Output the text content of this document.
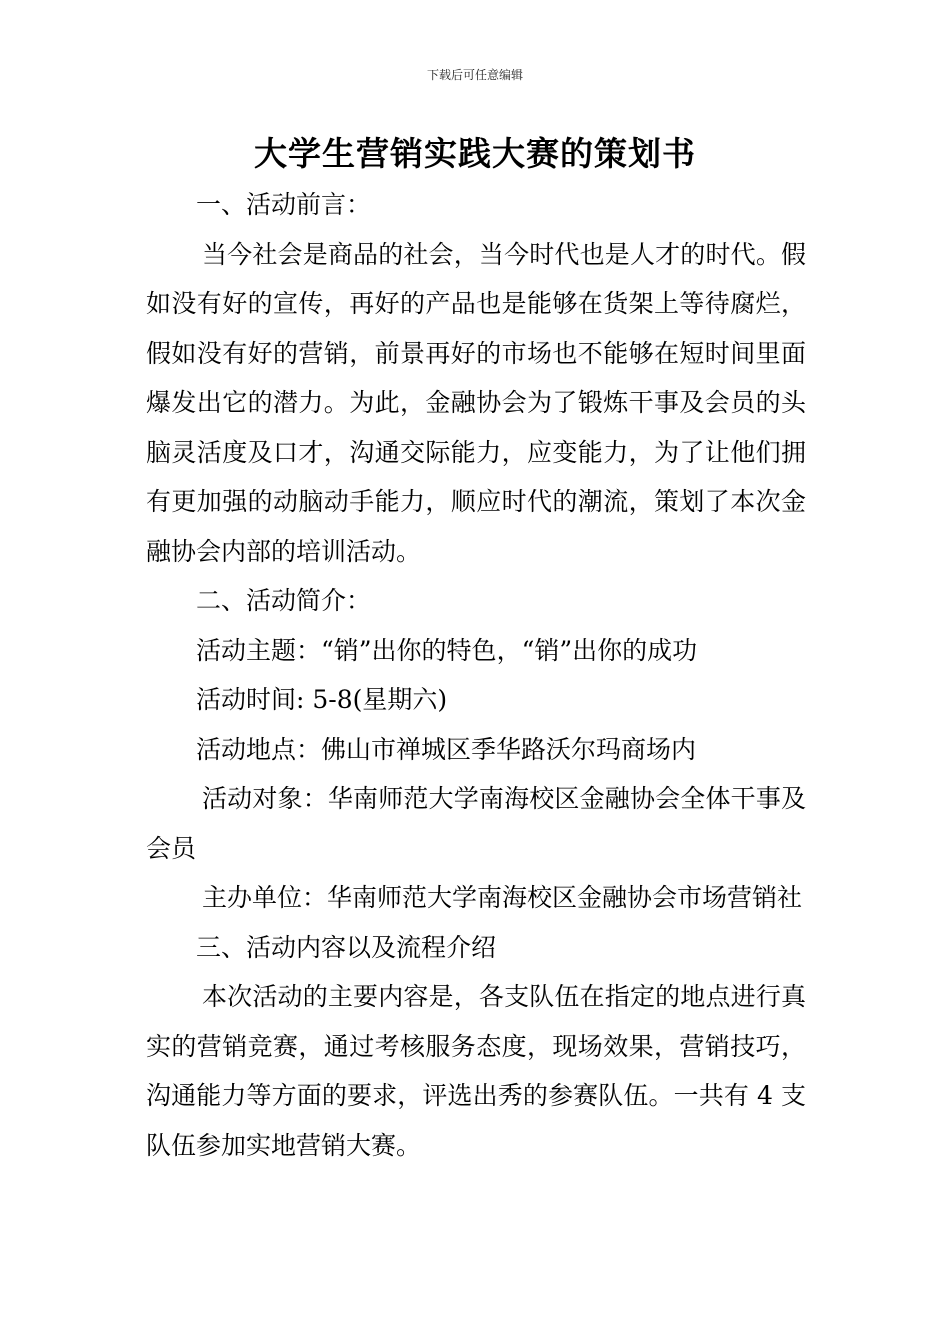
下载后可任意编辑
大学生营销实践大赛的策划书

一、活动前言：

当今社会是商品的社会，当今时代也是人才的时代。假如没有好的宣传，再好的产品也是能够在货架上等待腐烂，假如没有好的营销，前景再好的市场也不能够在短时间里面爆发出它的潜力。为此，金融协会为了锻炼干事及会员的头脑灵活度及口才，沟通交际能力，应变能力，为了让他们拥有更加强的动脑动手能力，顺应时代的潮流，策划了本次金融协会内部的培训活动。

二、活动简介：

活动主题：“销”出你的特色，“销”出你的成功

活动时间: 5-8(星期六)

活动地点：佛山市禅城区季华路沃尔玛商场内

活动对象：华南师范大学南海校区金融协会全体干事及会员

主办单位：华南师范大学南海校区金融协会市场营销社

三、活动内容以及流程介绍

本次活动的主要内容是，各支队伍在指定的地点进行真实的营销竞赛，通过考核服务态度，现场效果，营销技巧，沟通能力等方面的要求，评选出秀的参赛队伍。一共有 4 支队伍参加实地营销大赛。
